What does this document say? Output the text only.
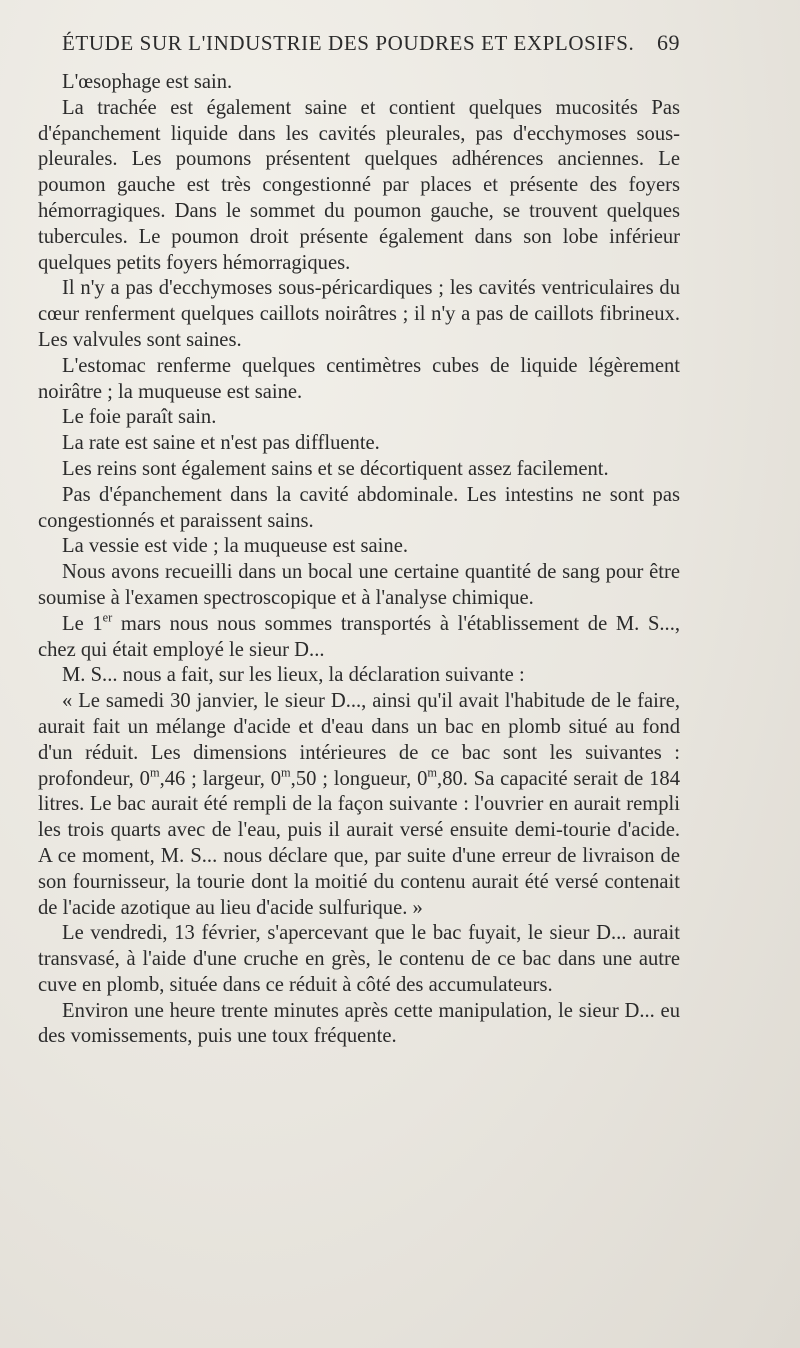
ÉTUDE SUR L'INDUSTRIE DES POUDRES ET EXPLOSIFS. 69

L'œsophage est sain.

La trachée est également saine et contient quelques mucosités Pas d'épanchement liquide dans les cavités pleurales, pas d'ecchymoses sous-pleurales. Les poumons présentent quelques adhérences anciennes. Le poumon gauche est très congestionné par places et présente des foyers hémorragiques. Dans le sommet du poumon gauche, se trouvent quelques tubercules. Le poumon droit présente également dans son lobe inférieur quelques petits foyers hémorragiques.

Il n'y a pas d'ecchymoses sous-péricardiques ; les cavités ventriculaires du cœur renferment quelques caillots noirâtres ; il n'y a pas de caillots fibrineux. Les valvules sont saines.

L'estomac renferme quelques centimètres cubes de liquide légèrement noirâtre ; la muqueuse est saine.

Le foie paraît sain.

La rate est saine et n'est pas diffluente.

Les reins sont également sains et se décortiquent assez facilement.

Pas d'épanchement dans la cavité abdominale. Les intestins ne sont pas congestionnés et paraissent sains.

La vessie est vide ; la muqueuse est saine.

Nous avons recueilli dans un bocal une certaine quantité de sang pour être soumise à l'examen spectroscopique et à l'analyse chimique.

Le 1er mars nous nous sommes transportés à l'établissement de M. S..., chez qui était employé le sieur D...

M. S... nous a fait, sur les lieux, la déclaration suivante :

« Le samedi 30 janvier, le sieur D..., ainsi qu'il avait l'habitude de le faire, aurait fait un mélange d'acide et d'eau dans un bac en plomb situé au fond d'un réduit. Les dimensions intérieures de ce bac sont les suivantes : profondeur, 0$^m$,46 ; largeur, 0$^m$,50 ; longueur, 0$^m$,80. Sa capacité serait de 184 litres. Le bac aurait été rempli de la façon suivante : l'ouvrier en aurait rempli les trois quarts avec de l'eau, puis il aurait versé ensuite demi-tourie d'acide. A ce moment, M. S... nous déclare que, par suite d'une erreur de livraison de son fournisseur, la tourie dont la moitié du contenu aurait été versé contenait de l'acide azotique au lieu d'acide sulfurique. »

Le vendredi, 13 février, s'apercevant que le bac fuyait, le sieur D... aurait transvasé, à l'aide d'une cruche en grès, le contenu de ce bac dans une autre cuve en plomb, située dans ce réduit à côté des accumulateurs.

Environ une heure trente minutes après cette manipulation, le sieur D... eu des vomissements, puis une toux fréquente.
